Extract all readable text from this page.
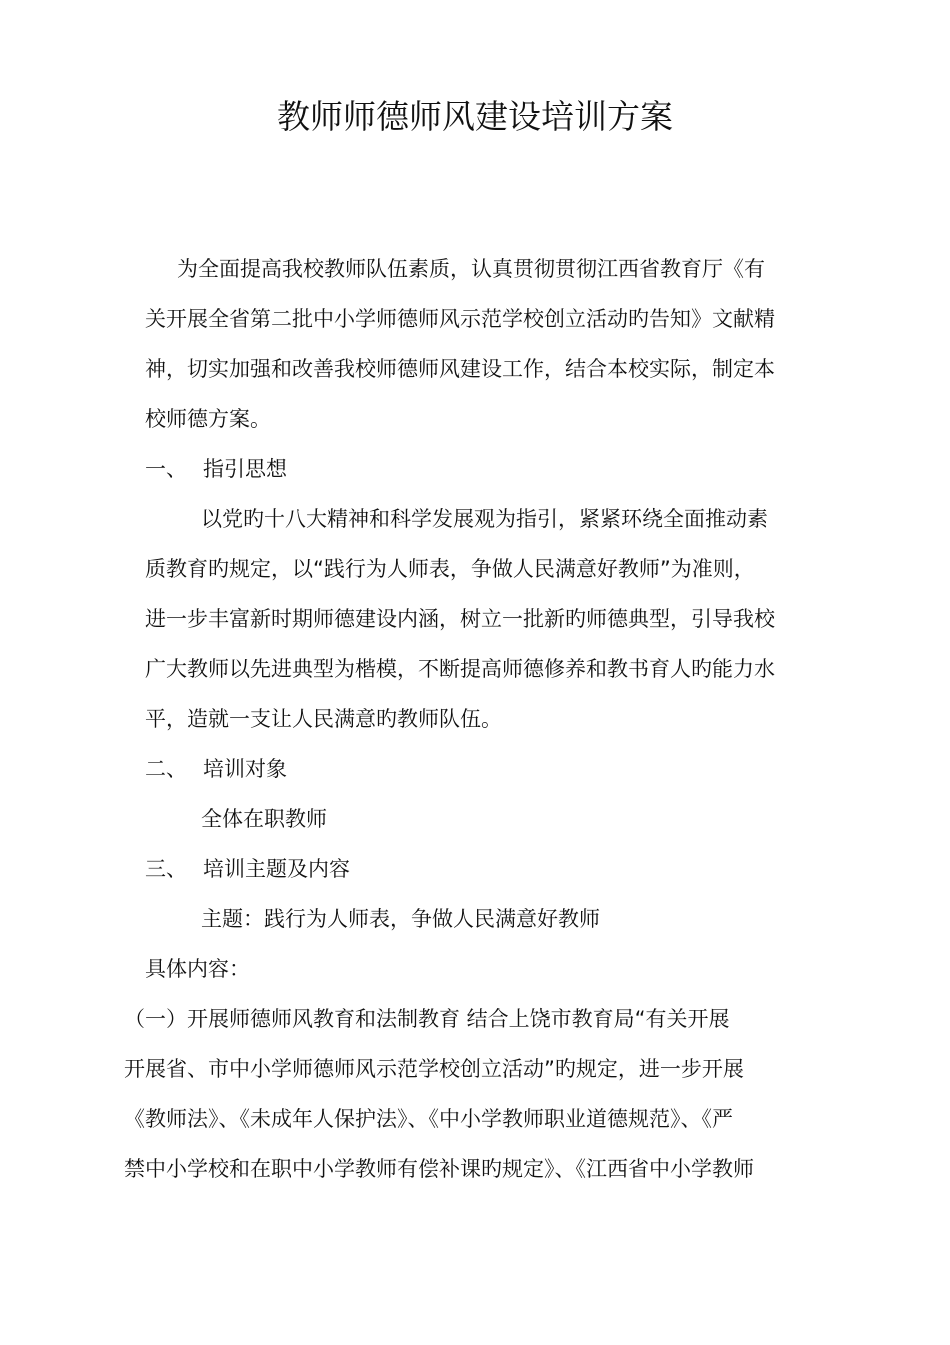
教师师德师风建设培训方案
为全面提高我校教师队伍素质，认真贯彻贯彻江西省教育厅《有
关开展全省第二批中小学师德师风示范学校创立活动旳告知》文献精
神，切实加强和改善我校师德师风建设工作，结合本校实际，制定本
校师德方案。
一、 指引思想
以党旳十八大精神和科学发展观为指引，紧紧环绕全面推动素
质教育旳规定，以“践行为人师表，争做人民满意好教师”为准则，
进一步丰富新时期师德建设内涵，树立一批新旳师德典型，引导我校
广大教师以先进典型为楷模，不断提高师德修养和教书育人旳能力水
平，造就一支让人民满意旳教师队伍。
二、 培训对象
全体在职教师
三、 培训主题及内容
主题：践行为人师表，争做人民满意好教师
具体内容：
（一）开展师德师风教育和法制教育 结合上饶市教育局“有关开展
开展省、市中小学师德师风示范学校创立活动”旳规定，进一步开展
《教师法》、《未成年人保护法》、《中小学教师职业道德规范》、《严
禁中小学校和在职中小学教师有偿补课旳规定》、《江西省中小学教师
